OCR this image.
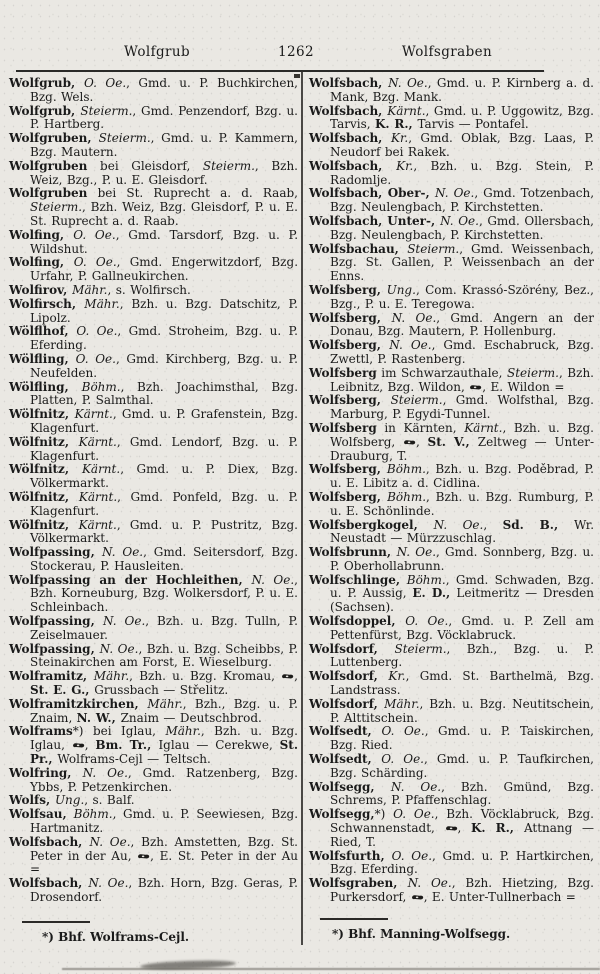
Wolfgrub	1262	Wolfsgraben
Wolfgrub, O. Oe., Gmd. u. P. Buchkirchen, Bzg. Wels.
Wolfgrub, Steierm., Gmd. Penzendorf, Bzg. u. P. Hartberg.
Wolfgruben, Steierm., Gmd. u. P. Kammern, Bzg. Mautern.
Wolfgruben bei Gleisdorf, Steierm., Bzh. Weiz, Bzg., P. u. E. Gleisdorf.
Wolfgruben bei St. Ruprecht a. d. Raab, Steierm., Bzh. Weiz, Bzg. Gleisdorf, P. u. E. St. Ruprecht a. d. Raab.
Wolfing, O. Oe., Gmd. Tarsdorf, Bzg. u. P. Wildshut.
Wolfing, O. Oe., Gmd. Engerwitzdorf, Bzg. Urfahr, P. Gallneukirchen.
Wolfirov, Mähr., s. Wolfirsch.
Wolfirsch, Mähr., Bzh. u. Bzg. Datschitz, P. Lipolz.
Wölflhof, O. Oe., Gmd. Stroheim, Bzg. u. P. Eferding.
Wölfling, O. Oe., Gmd. Kirchberg, Bzg. u. P. Neufelden.
Wölfling, Böhm., Bzh. Joachimsthal, Bzg. Platten, P. Salmthal.
Wölfnitz, Kärnt., Gmd. u. P. Grafenstein, Bzg. Klagenfurt.
Wölfnitz, Kärnt., Gmd. Lendorf, Bzg. u. P. Klagenfurt.
Wölfnitz, Kärnt., Gmd. u. P. Diex, Bzg. Völkermarkt.
Wölfnitz, Kärnt., Gmd. Ponfeld, Bzg. u. P. Klagenfurt.
Wölfnitz, Kärnt., Gmd. u. P. Pustritz, Bzg. Völkermarkt.
Wolfpassing, N. Oe., Gmd. Seitersdorf, Bzg. Stockerau, P. Hausleiten.
Wolfpassing an der Hochleithen, N. Oe., Bzh. Korneuburg, Bzg. Wolkersdorf, P. u. E. Schleinbach.
Wolfpassing, N. Oe., Bzh. u. Bzg. Tulln, P. Zeiselmauer.
Wolfpassing, N. Oe., Bzh. u. Bzg. Scheibbs, P. Steinakirchen am Forst, E. Wieselburg.
Wolframitz, Mähr., Bzh. u. Bzg. Kromau, , St. E. G., Grussbach — Střelitz.
Wolframitzkirchen, Mähr., Bzh., Bzg. u. P. Znaim, N. W., Znaim — Deutschbrod.
Wolframs*) bei Iglau, Mähr., Bzh. u. Bzg. Iglau, , Bm. Tr., Iglau — Cerekwe, St. Pr., Wolframs-Cejl — Teltsch.
Wolfring, N. Oe., Gmd. Ratzenberg, Bzg. Ybbs, P. Petzenkirchen.
Wolfs, Ung., s. Balf.
Wolfsau, Böhm., Gmd. u. P. Seewiesen, Bzg. Hartmanitz.
Wolfsbach, N. Oe., Bzh. Amstetten, Bzg. St. Peter in der Au, , E. St. Peter in der Au =
Wolfsbach, N. Oe., Bzh. Horn, Bzg. Geras, P. Drosendorf.
Wolfsbach, N. Oe., Gmd. u. P. Kirnberg a. d. Mank, Bzg. Mank.
Wolfsbach, Kärnt., Gmd. u. P. Uggowitz, Bzg. Tarvis, K. R., Tarvis — Pontafel.
Wolfsbach, Kr., Gmd. Oblak, Bzg. Laas, P. Neudorf bei Rakek.
Wolfsbach, Kr., Bzh. u. Bzg. Stein, P. Radomlje.
Wolfsbach, Ober-, N. Oe., Gmd. Totzenbach, Bzg. Neulengbach, P. Kirchstetten.
Wolfsbach, Unter-, N. Oe., Gmd. Ollersbach, Bzg. Neulengbach, P. Kirchstetten.
Wolfsbachau, Steierm., Gmd. Weissenbach, Bzg. St. Gallen, P. Weissenbach an der Enns.
Wolfsberg, Ung., Com. Krassó-Szörény, Bez., Bzg., P. u. E. Teregowa.
Wolfsberg, N. Oe., Gmd. Angern an der Donau, Bzg. Mautern, P. Hollenburg.
Wolfsberg, N. Oe., Gmd. Eschabruck, Bzg. Zwettl, P. Rastenberg.
Wolfsberg im Schwarzauthale, Steierm., Bzh. Leibnitz, Bzg. Wildon, , E. Wildon =
Wolfsberg, Steierm., Gmd. Wolfsthal, Bzg. Marburg, P. Egydi-Tunnel.
Wolfsberg in Kärnten, Kärnt., Bzh. u. Bzg. Wolfsberg, , St. V., Zeltweg — Unter-Drauburg, T.
Wolfsberg, Böhm., Bzh. u. Bzg. Poděbrad, P. u. E. Libitz a. d. Cidlina.
Wolfsberg, Böhm., Bzh. u. Bzg. Rumburg, P. u. E. Schönlinde.
Wolfsbergkogel, N. Oe., Sd. B., Wr. Neustadt — Mürzzuschlag.
Wolfsbrunn, N. Oe., Gmd. Sonnberg, Bzg. u. P. Oberhollabrunn.
Wolfschlinge, Böhm., Gmd. Schwaden, Bzg. u. P. Aussig, E. D., Leitmeritz — Dresden (Sachsen).
Wolfsdoppel, O. Oe., Gmd. u. P. Zell am Pettenfürst, Bzg. Vöcklabruck.
Wolfsdorf, Steierm., Bzh., Bzg. u. P. Luttenberg.
Wolfsdorf, Kr., Gmd. St. Barthelmä, Bzg. Landstrass.
Wolfsdorf, Mähr., Bzh. u. Bzg. Neutitschein, P. Alttitschein.
Wolfsedt, O. Oe., Gmd. u. P. Taiskirchen, Bzg. Ried.
Wolfsedt, O. Oe., Gmd. u. P. Taufkirchen, Bzg. Schärding.
Wolfsegg, N. Oe., Bzh. Gmünd, Bzg. Schrems, P. Pfaffenschlag.
Wolfsegg,*) O. Oe., Bzh. Vöcklabruck, Bzg. Schwannenstadt, , K. R., Attnang — Ried, T.
Wolfsfurth, O. Oe., Gmd. u. P. Hartkirchen, Bzg. Eferding.
Wolfsgraben, N. Oe., Bzh. Hietzing, Bzg. Purkersdorf, , E. Unter-Tullnerbach =
*) Bhf. Wolframs-Cejl.	*) Bhf. Manning-Wolfsegg.
